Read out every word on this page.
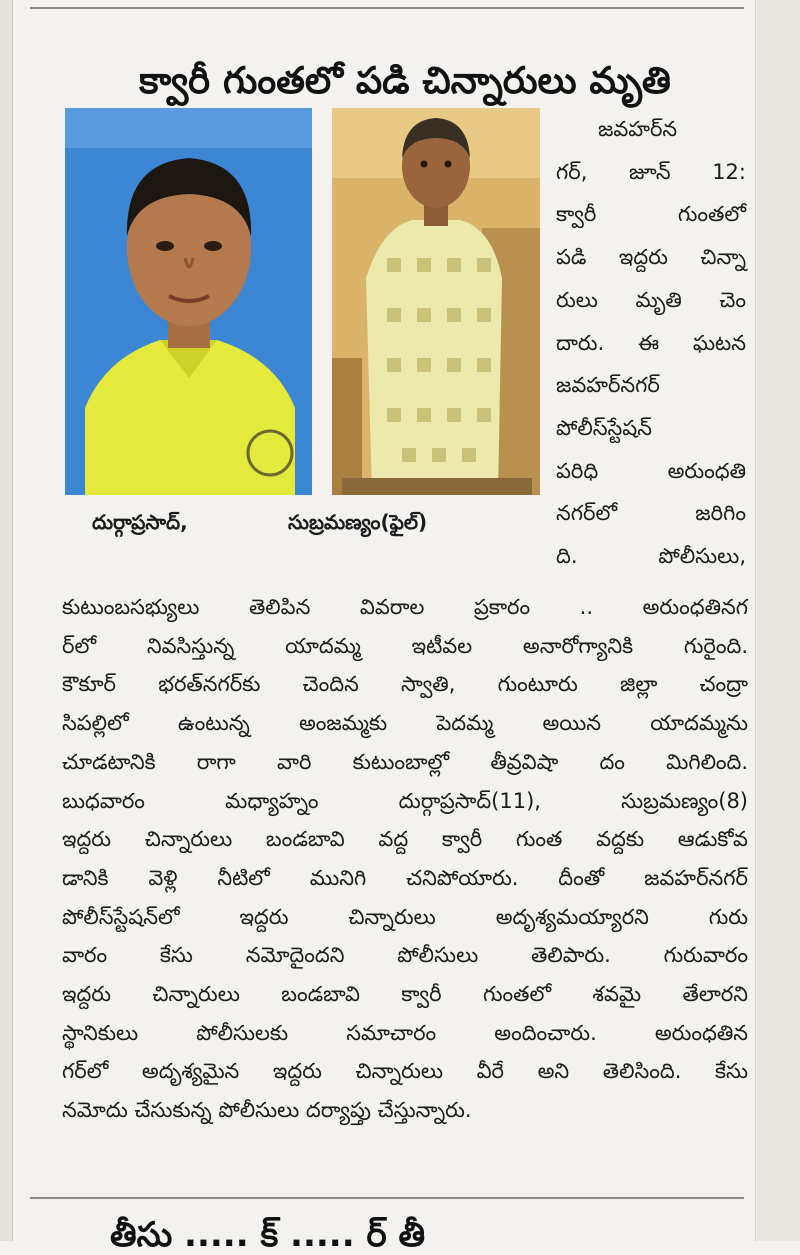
క్వారీ గుంతలో పడి చిన్నారులు మృతి
దుర్గాప్రసాద్,	సుబ్రమణ్యం(ఫైల్)
జవహర్‌న
గర్, జూన్ 12:
క్వారీ గుంతలో
పడి ఇద్దరు చిన్నా
రులు మృతి చెం
దారు. ఈ ఘటన
జవహర్‌నగర్
పోలీస్‌స్టేషన్
పరిధి అరుంధతి
నగర్‌లో జరిగిం
ది. పోలీసులు,
కుటుంబసభ్యులు తెలిపిన వివరాల ప్రకారం .. అరుంధతినగ
ర్‌లో నివసిస్తున్న యాదమ్మ ఇటీవల అనారోగ్యానికి గురైంది.
కౌకూర్ భరత్‌నగర్‌కు చెందిన స్వాతి, గుంటూరు జిల్లా చంద్రా
సిపల్లిలో ఉంటున్న అంజమ్మకు పెదమ్మ అయిన యాదమ్మను
చూడటానికి రాగా వారి కుటుంబాల్లో తీవ్రవిషా దం మిగిలింది.
బుధవారం మధ్యాహ్నం దుర్గాప్రసాద్(11), సుబ్రమణ్యం(8)
ఇద్దరు చిన్నారులు బండబావి వద్ద క్వారీ గుంత వద్దకు ఆడుకోవ
డానికి వెళ్లి నీటిలో మునిగి చనిపోయారు. దీంతో జవహర్‌నగర్
పోలీస్‌స్టేషన్‌లో ఇద్దరు చిన్నారులు అదృశ్యమయ్యారని గురు
వారం కేసు నమోదైందని పోలీసులు తెలిపారు. గురువారం
ఇద్దరు చిన్నారులు బండబావి క్వారీ గుంతలో శవమై తేలారని
స్థానికులు పోలీసులకు సమాచారం అందించారు. అరుంధతిన
గర్‌లో అదృశ్యమైన ఇద్దరు చిన్నారులు వీరే అని తెలిసింది. కేసు
నమోదు చేసుకున్న పోలీసులు దర్యాప్తు చేస్తున్నారు.
తీసు ..... క్ ..... ర్ తీ
